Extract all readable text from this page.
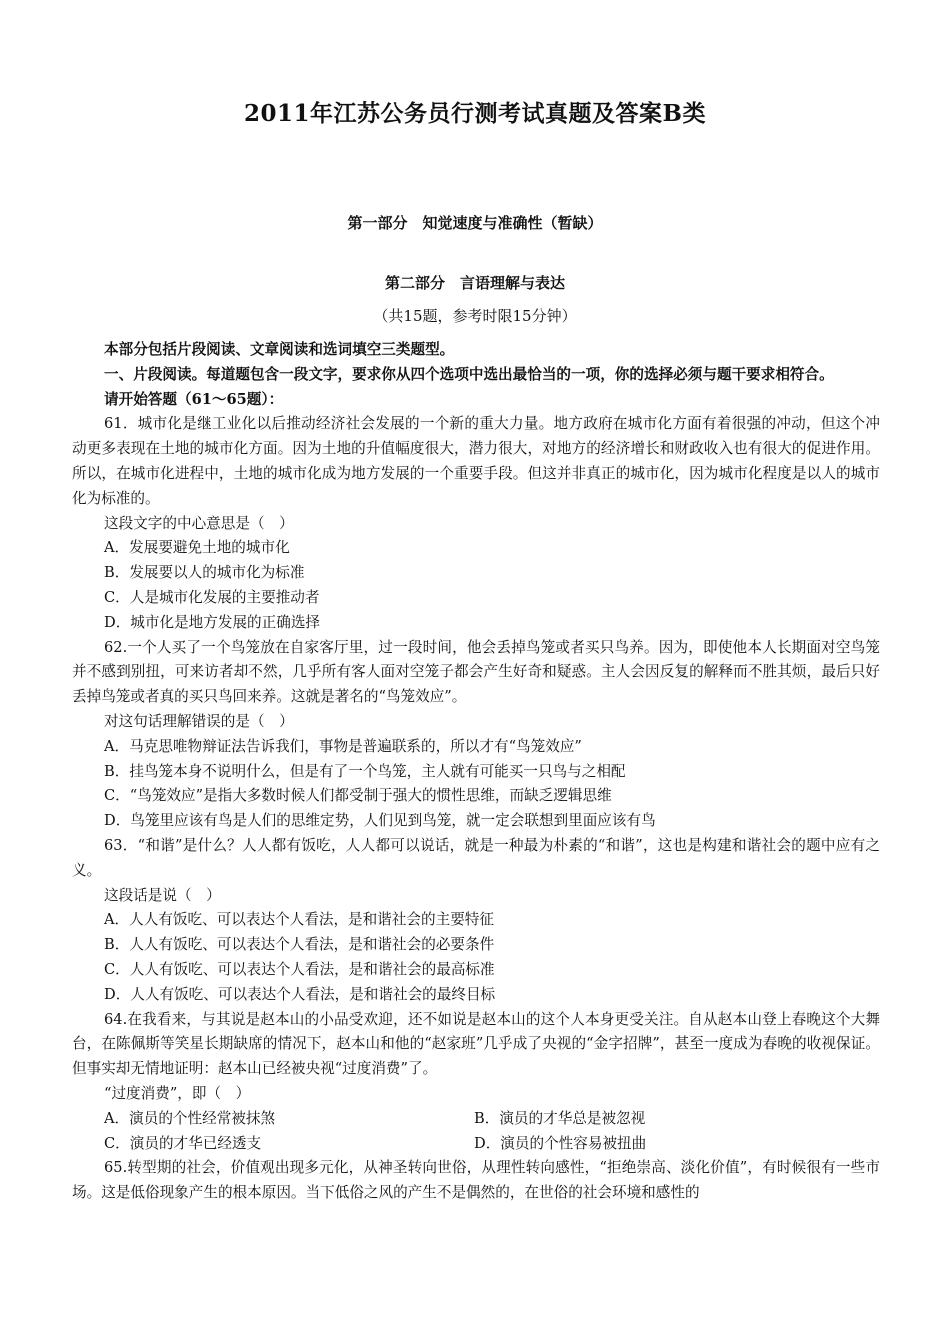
2011年江苏公务员行测考试真题及答案B类
第一部分　知觉速度与准确性（暂缺）
第二部分　言语理解与表达
（共15题，参考时限15分钟）

本部分包括片段阅读、文章阅读和选词填空三类题型。

一、片段阅读。每道题包含一段文字，要求你从四个选项中选出最恰当的一项，你的选择必须与题干要求相符合。

请开始答题（61～65题）：

61．城市化是继工业化以后推动经济社会发展的一个新的重大力量。地方政府在城市化方面有着很强的冲动，但这个冲动更多表现在土地的城市化方面。因为土地的升值幅度很大，潜力很大，对地方的经济增长和财政收入也有很大的促进作用。所以，在城市化进程中，土地的城市化成为地方发展的一个重要手段。但这并非真正的城市化，因为城市化程度是以人的城市化为标准的。

这段文字的中心意思是（　）

A．发展要避免土地的城市化

B．发展要以人的城市化为标准

C．人是城市化发展的主要推动者

D．城市化是地方发展的正确选择

62.一个人买了一个鸟笼放在自家客厅里，过一段时间，他会丢掉鸟笼或者买只鸟养。因为，即使他本人长期面对空鸟笼并不感到别扭，可来访者却不然，几乎所有客人面对空笼子都会产生好奇和疑惑。主人会因反复的解释而不胜其烦，最后只好丢掉鸟笼或者真的买只鸟回来养。这就是著名的“鸟笼效应”。

对这句话理解错误的是（　）

A．马克思唯物辩证法告诉我们，事物是普遍联系的，所以才有“鸟笼效应”

B．挂鸟笼本身不说明什么，但是有了一个鸟笼，主人就有可能买一只鸟与之相配

C．“鸟笼效应”是指大多数时候人们都受制于强大的惯性思维，而缺乏逻辑思维

D．鸟笼里应该有鸟是人们的思维定势，人们见到鸟笼，就一定会联想到里面应该有鸟

63．“和谐”是什么？人人都有饭吃，人人都可以说话，就是一种最为朴素的“和谐”，这也是构建和谐社会的题中应有之义。

这段话是说（　）

A．人人有饭吃、可以表达个人看法，是和谐社会的主要特征

B．人人有饭吃、可以表达个人看法，是和谐社会的必要条件

C．人人有饭吃、可以表达个人看法，是和谐社会的最高标准

D．人人有饭吃、可以表达个人看法，是和谐社会的最终目标

64.在我看来，与其说是赵本山的小品受欢迎，还不如说是赵本山的这个人本身更受关注。自从赵本山登上春晚这个大舞台，在陈佩斯等笑星长期缺席的情况下，赵本山和他的“赵家班”几乎成了央视的“金字招牌”，甚至一度成为春晚的收视保证。但事实却无情地证明：赵本山已经被央视“过度消费”了。

“过度消费”，即（　）

A．演员的个性经常被抹煞	B．演员的才华总是被忽视
C．演员的才华已经透支	D．演员的个性容易被扭曲

65.转型期的社会，价值观出现多元化，从神圣转向世俗，从理性转向感性，“拒绝崇高、淡化价值”，有时候很有一些市场。这是低俗现象产生的根本原因。当下低俗之风的产生不是偶然的，在世俗的社会环境和感性的
